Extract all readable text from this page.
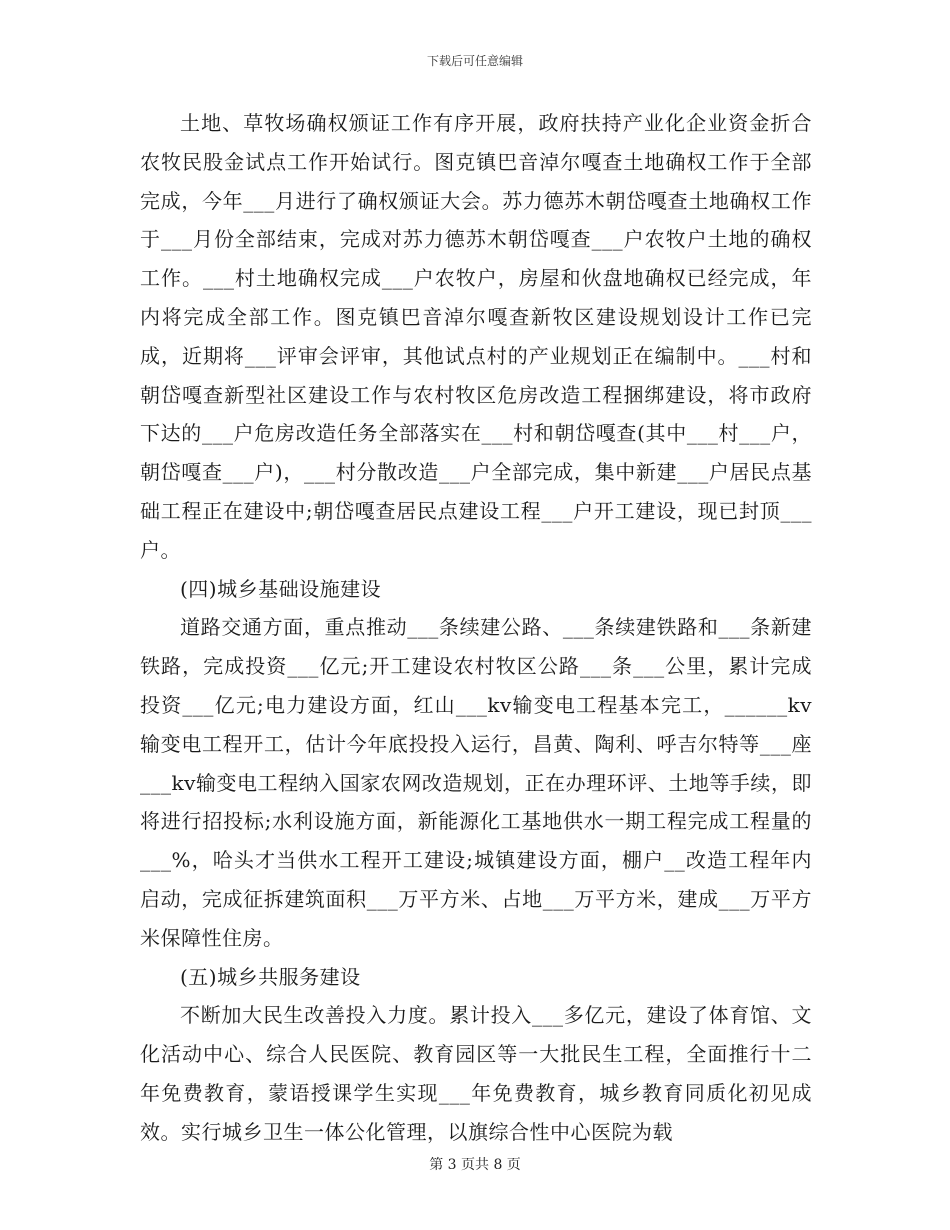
下载后可任意编辑

土地、草牧场确权颁证工作有序开展，政府扶持产业化企业资金折合农牧民股金试点工作开始试行。图克镇巴音淖尔嘎查土地确权工作于全部完成，今年___月进行了确权颁证大会。苏力德苏木朝岱嘎查土地确权工作于___月份全部结束，完成对苏力德苏木朝岱嘎查___户农牧户土地的确权工作。___村土地确权完成___户农牧户，房屋和伙盘地确权已经完成，年内将完成全部工作。图克镇巴音淖尔嘎查新牧区建设规划设计工作已完成，近期将___评审会评审，其他试点村的产业规划正在编制中。___村和朝岱嘎查新型社区建设工作与农村牧区危房改造工程捆绑建设，将市政府下达的___户危房改造任务全部落实在___村和朝岱嘎查(其中___村___户，朝岱嘎查___户)，___村分散改造___户全部完成，集中新建___户居民点基础工程正在建设中;朝岱嘎查居民点建设工程___户开工建设，现已封顶___户。

(四)城乡基础设施建设

道路交通方面，重点推动___条续建公路、___条续建铁路和___条新建铁路，完成投资___亿元;开工建设农村牧区公路___条___公里，累计完成投资___亿元;电力建设方面，红山___kv输变电工程基本完工，______kv输变电工程开工，估计今年底投投入运行，昌黄、陶利、呼吉尔特等___座___kv输变电工程纳入国家农网改造规划，正在办理环评、土地等手续，即将进行招投标;水利设施方面，新能源化工基地供水一期工程完成工程量的___%，哈头才当供水工程开工建设;城镇建设方面，棚户__改造工程年内启动，完成征拆建筑面积___万平方米、占地___万平方米，建成___万平方米保障性住房。

(五)城乡共服务建设

不断加大民生改善投入力度。累计投入___多亿元，建设了体育馆、文化活动中心、综合人民医院、教育园区等一大批民生工程，全面推行十二年免费教育，蒙语授课学生实现___年免费教育，城乡教育同质化初见成效。实行城乡卫生一体公化管理，以旗综合性中心医院为载

第 3 页共 8 页
